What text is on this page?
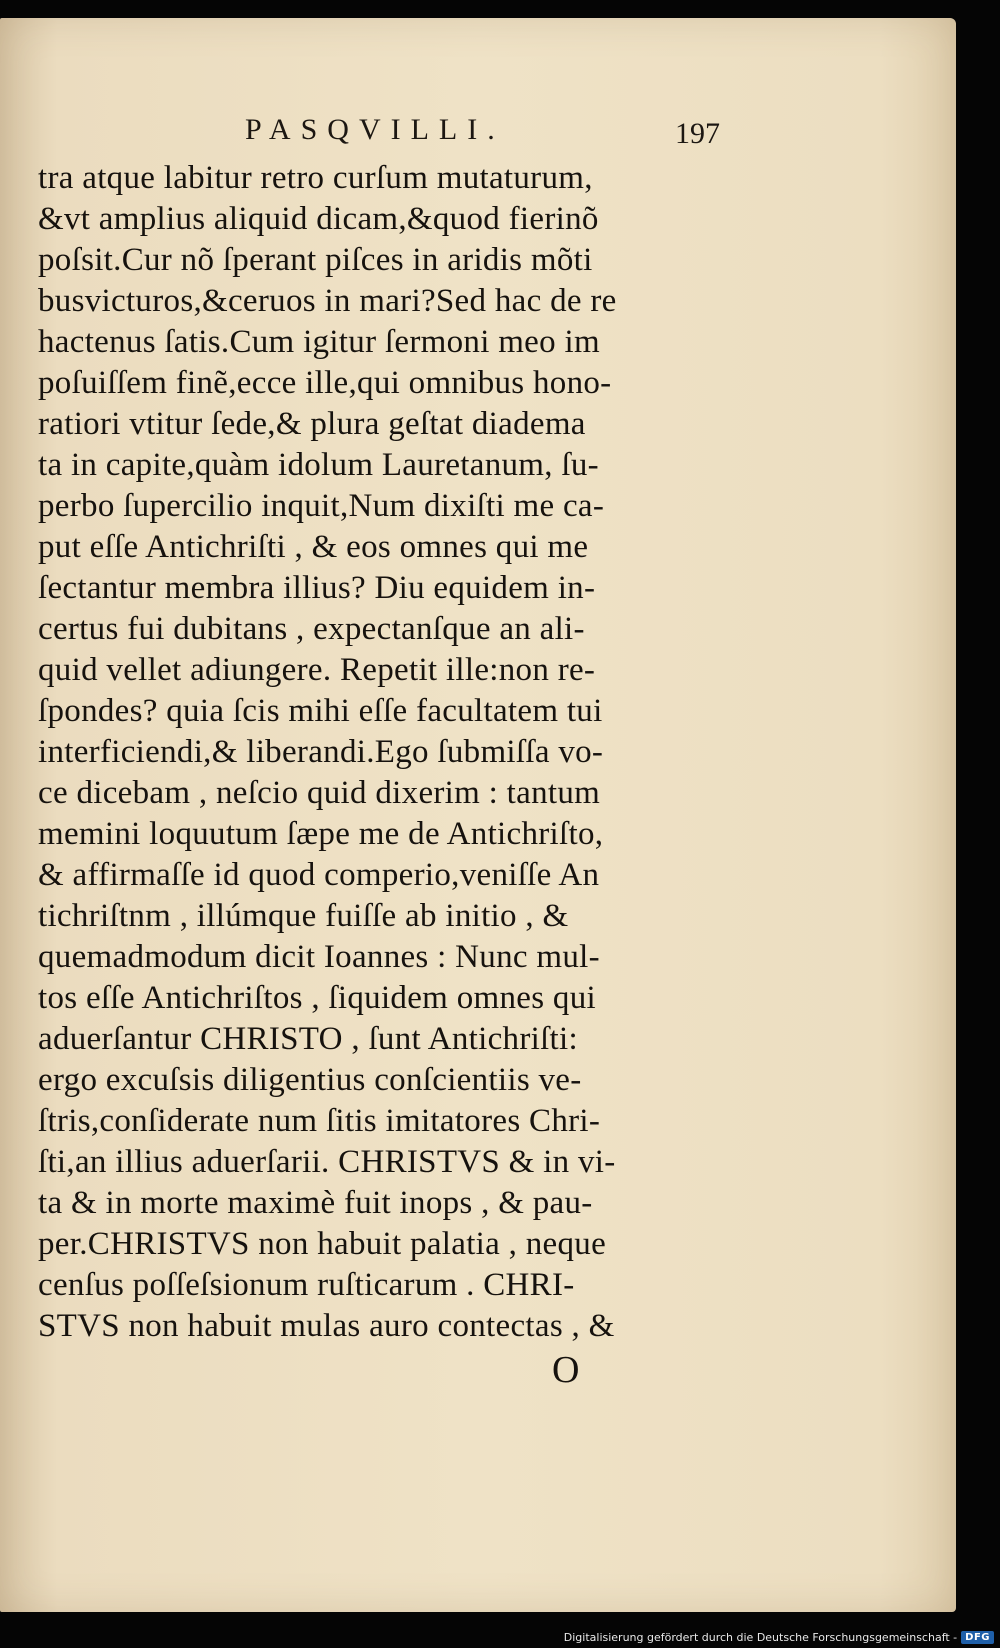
PASQVILLI.	197
tra atque labitur retro curſum mutaturum,
&vt amplius aliquid dicam,&quod fierinõ
poſsit.Cur nõ ſperant piſces in aridis mõti
busvicturos,&ceruos in mari?Sed hac de re
hactenus ſatis.Cum igitur ſermoni meo im
poſuiſſem finẽ,ecce ille,qui omnibus hono-
ratiori vtitur ſede,& plura geſtat diadema
ta in capite,quàm idolum Lauretanum, ſu-
perbo ſupercilio inquit,Num dixiſti me ca-
put eſſe Antichriſti , & eos omnes qui me
ſectantur membra illius? Diu equidem in-
certus fui dubitans , expectanſque an ali-
quid vellet adiungere. Repetit ille:non re-
ſpondes? quia ſcis mihi eſſe facultatem tui
interficiendi,& liberandi.Ego ſubmiſſa vo-
ce dicebam , neſcio quid dixerim : tantum
memini loquutum ſæpe me de Antichriſto,
& affirmaſſe id quod comperio,veniſſe An
tichriſtnm , illúmque fuiſſe ab initio , &
quemadmodum dicit Ioannes : Nunc mul-
tos eſſe Antichriſtos , ſiquidem omnes qui
aduerſantur CHRISTO , ſunt Antichriſti:
ergo excuſsis diligentius conſcientiis ve-
ſtris,conſiderate num ſitis imitatores Chri-
ſti,an illius aduerſarii. CHRISTVS & in vi-
ta & in morte maximè fuit inops , & pau-
per.CHRISTVS non habuit palatia , neque
cenſus poſſeſsionum ruſticarum . CHRI-
STVS non habuit mulas auro contectas , &
O
Digitalisierung gefördert durch die Deutsche Forschungsgemeinschaft - DFG
